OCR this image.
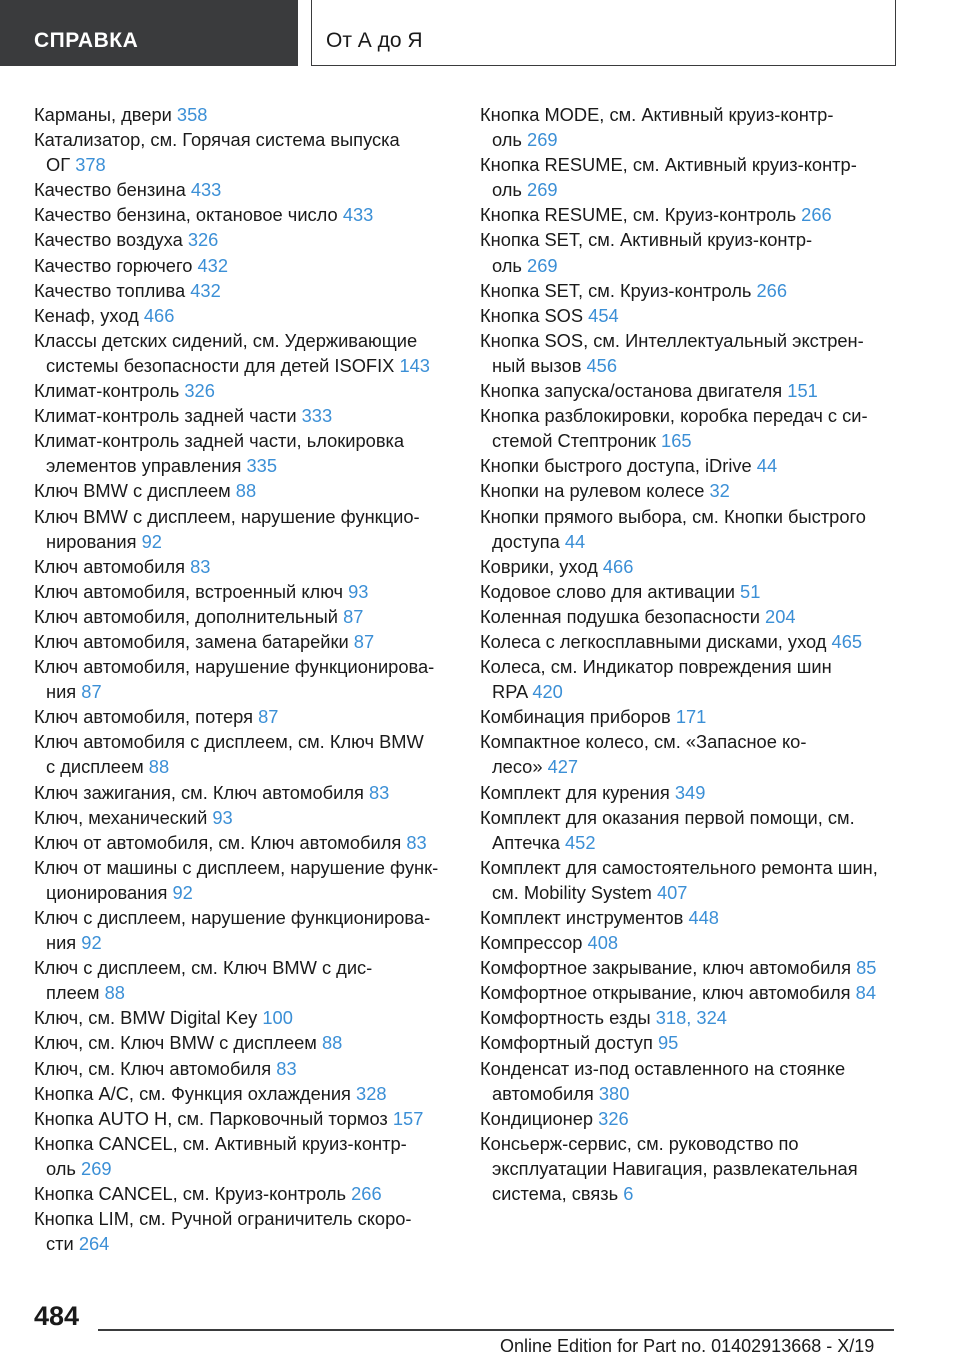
СПРАВКА	От А до Я
Карманы, двери 358
Катализатор, см. Горячая система выпуска
ОГ 378
Качество бензина 433
Качество бензина, октановое число 433
Качество воздуха 326
Качество горючего 432
Качество топлива 432
Кенаф, уход 466
Классы детских сидений, см. Удерживающие
системы безопасности для детей ISOFIX 143
Климат-контроль 326
Климат-контроль задней части 333
Климат-контроль задней части, ьлокировка
элементов управления 335
Ключ BMW с дисплеем 88
Ключ BMW с дисплеем, нарушение функцио-
нирования 92
Ключ автомобиля 83
Ключ автомобиля, встроенный ключ 93
Ключ автомобиля, дополнительный 87
Ключ автомобиля, замена батарейки 87
Ключ автомобиля, нарушение функционирова-
ния 87
Ключ автомобиля, потеря 87
Ключ автомобиля с дисплеем, см. Ключ BMW
с дисплеем 88
Ключ зажигания, см. Ключ автомобиля 83
Ключ, механический 93
Ключ от автомобиля, см. Ключ автомобиля 83
Ключ от машины с дисплеем, нарушение функ-
ционирования 92
Ключ с дисплеем, нарушение функционирова-
ния 92
Ключ с дисплеем, см. Ключ BMW с дис-
плеем 88
Ключ, см. BMW Digital Key 100
Ключ, см. Ключ BMW с дисплеем 88
Ключ, см. Ключ автомобиля 83
Кнопка A/C, см. Функция охлаждения 328
Кнопка AUTO H, см. Парковочный тормоз 157
Кнопка CANCEL, см. Активный круиз-контр-
оль 269
Кнопка CANCEL, см. Круиз-контроль 266
Кнопка LIM, см. Ручной ограничитель скоро-
сти 264
Кнопка MODE, см. Активный круиз-контр-
оль 269
Кнопка RESUME, см. Активный круиз-контр-
оль 269
Кнопка RESUME, см. Круиз-контроль 266
Кнопка SET, см. Активный круиз-контр-
оль 269
Кнопка SET, см. Круиз-контроль 266
Кнопка SOS 454
Кнопка SOS, см. Интеллектуальный экстрен-
ный вызов 456
Кнопка запуска/останова двигателя 151
Кнопка разблокировки, коробка передач с си-
стемой Стептроник 165
Кнопки быстрого доступа, iDrive 44
Кнопки на рулевом колесе 32
Кнопки прямого выбора, см. Кнопки быстрого
доступа 44
Коврики, уход 466
Кодовое слово для активации 51
Коленная подушка безопасности 204
Колеса с легкосплавными дисками, уход 465
Колеса, см. Индикатор повреждения шин
RPA 420
Комбинация приборов 171
Компактное колесо, см. «Запасное ко-
лесо» 427
Комплект для курения 349
Комплект для оказания первой помощи, см.
Аптечка 452
Комплект для самостоятельного ремонта шин,
см. Mobility System 407
Комплект инструментов 448
Компрессор 408
Комфортное закрывание, ключ автомобиля 85
Комфортное открывание, ключ автомобиля 84
Комфортность езды 318, 324
Комфортный доступ 95
Конденсат из-под оставленного на стоянке
автомобиля 380
Кондиционер 326
Консьерж-сервис, см. руководство по
эксплуатации Навигация, развлекательная
система, связь 6
484
Online Edition for Part no. 01402913668 - X/19
